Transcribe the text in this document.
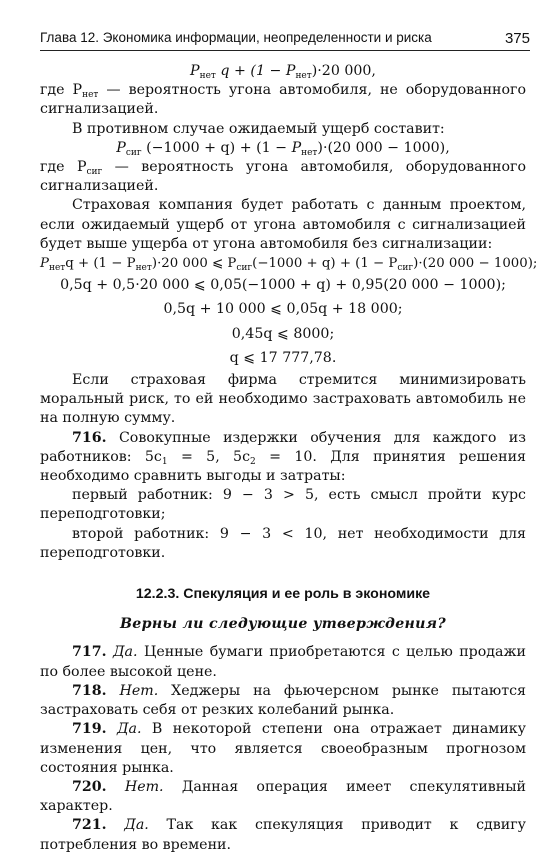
Глава 12. Экономика информации, неопределенности и риска	375
$P_{нет}$ $q + (1 - P_{нет})\cdot 20$ 000,

где $P_{нет}$ — вероятность угона автомобиля, не оборудованного сигнализацией.

В противном случае ожидаемый ущерб составит:

$P_{сиг}$ $(-1000 + q) + (1 - P_{нет})\cdot(20$ 000 − 1000),

где $P_{сиг}$ — вероятность угона автомобиля, оборудованного сигнализацией.

Страховая компания будет работать с данным проектом, если ожидаемый ущерб от угона автомобиля с сигнализацией будет выше ущерба от угона автомобиля без сигнализации:

$P_{нет}q + (1 - P_{нет})\cdot 20$ 000 ⩽ $P_{сиг}(-1000 + q) + (1 - P_{сиг})\cdot(20$ 000 − 1000);
0,5q + 0,5·20 000 ⩽ 0,05(−1000 + q) + 0,95(20 000 − 1000);
0,5q + 10 000 ⩽ 0,05q + 18 000;
0,45q ⩽ 8000;
q ⩽ 17 777,78.

Если страховая фирма стремится минимизировать моральный риск, то ей необходимо застраховать автомобиль не на полную сумму.

716. Совокупные издержки обучения для каждого из работников: $5c_1 = 5$, $5c_2 = 10$. Для принятия решения необходимо сравнить выгоды и затраты:

первый работник: 9 − 3 > 5, есть смысл пройти курс переподготовки;

второй работник: 9 − 3 < 10, нет необходимости для переподготовки.

12.2.3. Спекуляция и ее роль в экономике
Верны ли следующие утверждения?

717. Да. Ценные бумаги приобретаются с целью продажи по более высокой цене.

718. Нет. Хеджеры на фьючерсном рынке пытаются застраховать себя от резких колебаний рынка.

719. Да. В некоторой степени она отражает динамику изменения цен, что является своеобразным прогнозом состояния рынка.

720. Нет. Данная операция имеет спекулятивный характер.

721. Да. Так как спекуляция приводит к сдвигу потребления во времени.
